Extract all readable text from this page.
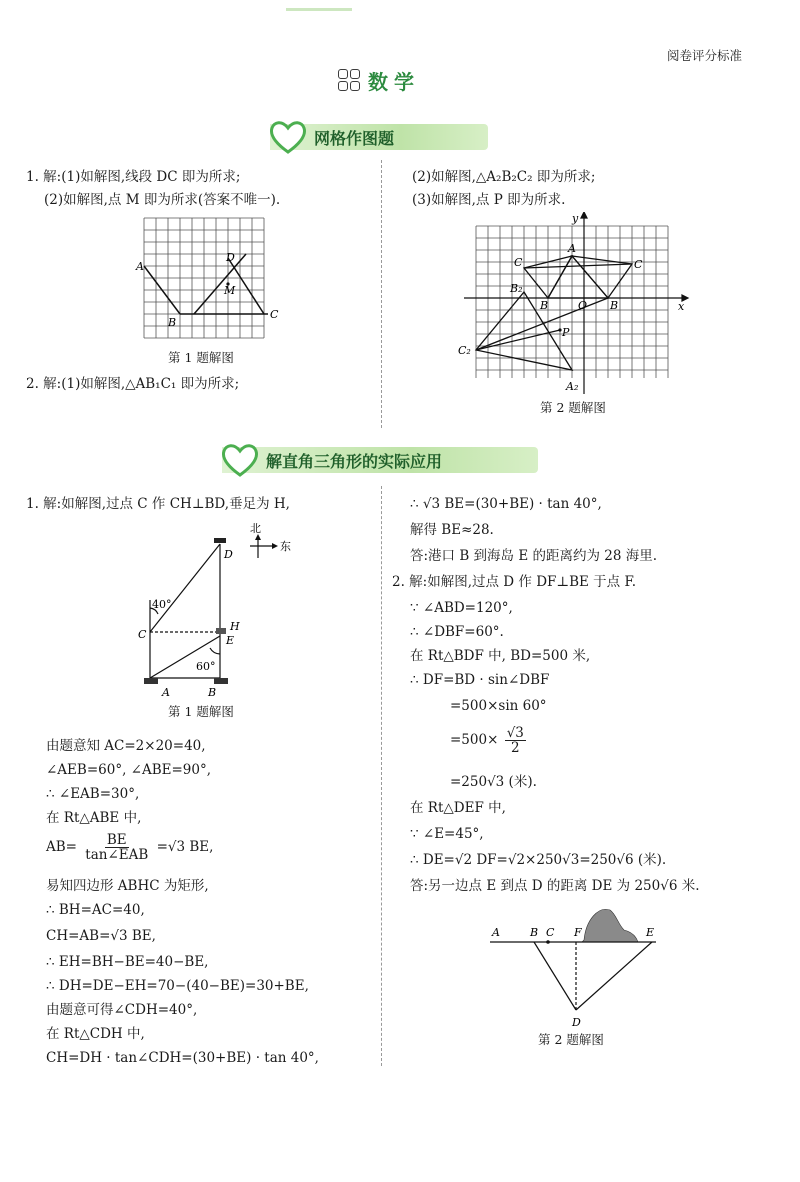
阅卷评分标准
数学
网格作图题
1. 解:(1)如解图,线段 DC 即为所求;
(2)如解图,点 M 即为所求(答案不唯一).
A
B
C
D
M
第 1 题解图
2. 解:(1)如解图,△AB₁C₁ 即为所求;
(2)如解图,△A₂B₂C₂ 即为所求;
(3)如解图,点 P 即为所求.
A
B	B
O
C
C
B₂
C₂
A₂
P
x
y
第 2 题解图
解直角三角形的实际应用
1. 解:如解图,过点 C 作 CH⊥BD,垂足为 H,
D
C
H
E
A	B
40°
60°
北
东
第 1 题解图
由题意知 AC=2×20=40,
∠AEB=60°, ∠ABE=90°,
∴ ∠EAB=30°,
在 Rt△ABE 中,
$AB= \frac{BE}{\text{tan∠EAB}} =√3$ BE,
易知四边形 ABHC 为矩形,
∴ BH=AC=40,
CH=AB=√3 BE,
∴ EH=BH−BE=40−BE,
∴ DH=DE−EH=70−(40−BE)=30+BE,
由题意可得∠CDH=40°,
在 Rt△CDH 中,
CH=DH · tan∠CDH=(30+BE) · tan 40°,
∴ √3 BE=(30+BE) · tan 40°,
解得 BE≈28.
答:港口 B 到海岛 E 的距离约为 28 海里.
2. 解:如解图,过点 D 作 DF⊥BE 于点 F.
∵ ∠ABD=120°,
∴ ∠DBF=60°.
在 Rt△BDF 中, BD=500 米,
∴ DF=BD · sin∠DBF
=500×sin 60°
$=500\times \frac{√3}{2}$
=250√3 (米).
在 Rt△DEF 中,
∵ ∠E=45°,
∴ DE=√2 DF=√2×250√3=250√6 (米).
答:另一边点 E 到点 D 的距离 DE 为 250√6 米.
A	B C F	E
D
第 2 题解图
